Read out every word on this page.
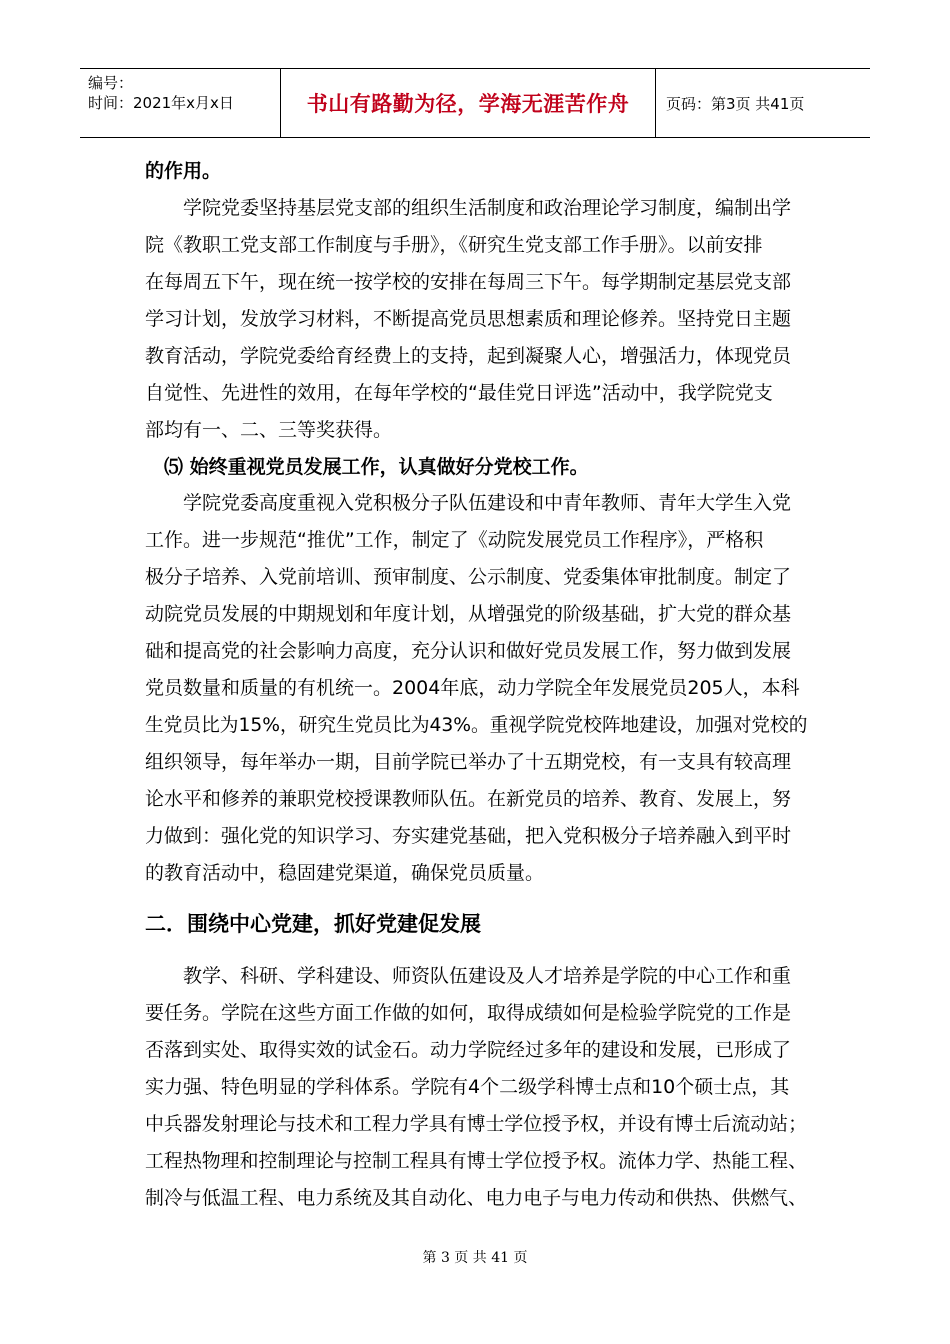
编号：
时间：2021年x月x日	书山有路勤为径，学海无涯苦作舟	页码：第3页 共41页
的作用。
　　学院党委坚持基层党支部的组织生活制度和政治理论学习制度，编制出学
院《教职工党支部工作制度与手册》，《研究生党支部工作手册》。以前安排
在每周五下午，现在统一按学校的安排在每周三下午。每学期制定基层党支部
学习计划，发放学习材料，不断提高党员思想素质和理论修养。坚持党日主题
教育活动，学院党委给育经费上的支持，起到凝聚人心，增强活力，体现党员
自觉性、先进性的效用，在每年学校的“最佳党日评选”活动中，我学院党支
部均有一、二、三等奖获得。
　⑸ 始终重视党员发展工作，认真做好分党校工作。
　　学院党委高度重视入党积极分子队伍建设和中青年教师、青年大学生入党
工作。进一步规范“推优”工作，制定了《动院发展党员工作程序》，严格积
极分子培养、入党前培训、预审制度、公示制度、党委集体审批制度。制定了
动院党员发展的中期规划和年度计划，从增强党的阶级基础，扩大党的群众基
础和提高党的社会影响力高度，充分认识和做好党员发展工作，努力做到发展
党员数量和质量的有机统一。2004年底，动力学院全年发展党员205人，本科
生党员比为15%，研究生党员比为43%。重视学院党校阵地建设，加强对党校的
组织领导，每年举办一期，目前学院已举办了十五期党校，有一支具有较高理
论水平和修养的兼职党校授课教师队伍。在新党员的培养、教育、发展上，努
力做到：强化党的知识学习、夯实建党基础，把入党积极分子培养融入到平时
的教育活动中，稳固建党渠道，确保党员质量。
二．围绕中心党建，抓好党建促发展
　　教学、科研、学科建设、师资队伍建设及人才培养是学院的中心工作和重
要任务。学院在这些方面工作做的如何，取得成绩如何是检验学院党的工作是
否落到实处、取得实效的试金石。动力学院经过多年的建设和发展，已形成了
实力强、特色明显的学科体系。学院有4个二级学科博士点和10个硕士点，其
中兵器发射理论与技术和工程力学具有博士学位授予权，并设有博士后流动站；
工程热物理和控制理论与控制工程具有博士学位授予权。流体力学、热能工程、
制冷与低温工程、电力系统及其自动化、电力电子与电力传动和供热、供燃气、
第 3 页 共 41 页
